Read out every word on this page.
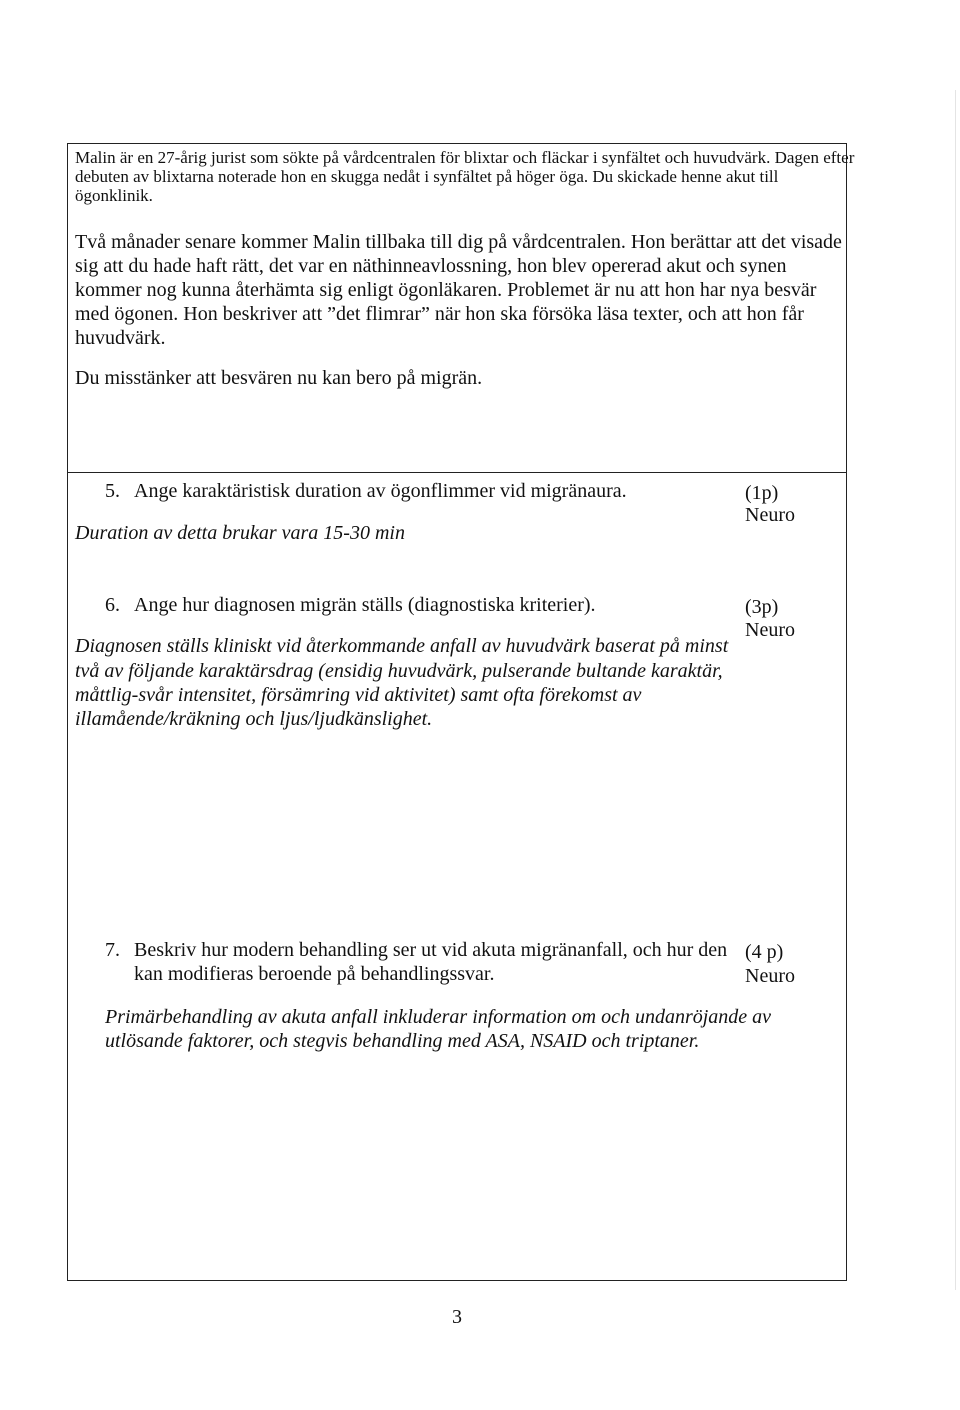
Malin är en 27-årig jurist som sökte på vårdcentralen för blixtar och fläckar i synfältet och huvudvärk. Dagen efter
debuten av blixtarna noterade hon en skugga nedåt i synfältet på höger öga. Du skickade henne akut till
ögonklinik.
Två månader senare kommer Malin tillbaka till dig på vårdcentralen. Hon berättar att det visade
sig att du hade haft rätt, det var en näthinneavlossning, hon blev opererad akut och synen
kommer nog kunna återhämta sig enligt ögonläkaren. Problemet är nu att hon har nya besvär
med ögonen. Hon beskriver att ”det flimrar” när hon ska försöka läsa texter, och att hon får
huvudvärk.
Du misstänker att besvären nu kan bero på migrän.
5. Ange karaktäristisk duration av ögonflimmer vid migränaura.	(1p)
Neuro
Duration av detta brukar vara 15-30 min
6. Ange hur diagnosen migrän ställs (diagnostiska kriterier).	(3p)
Neuro
Diagnosen ställs kliniskt vid återkommande anfall av huvudvärk baserat på minst
två av följande karaktärsdrag (ensidig huvudvärk, pulserande bultande karaktär,
måttlig-svår intensitet, försämring vid aktivitet) samt ofta förekomst av
illamående/kräkning och ljus/ljudkänslighet.
7. Beskriv hur modern behandling ser ut vid akuta migränanfall, och hur den
kan modifieras beroende på behandlingssvar.
(4 p)
Neuro
Primärbehandling av akuta anfall inkluderar information om och undanröjande av
utlösande faktorer, och stegvis behandling med ASA, NSAID och triptaner.
3
